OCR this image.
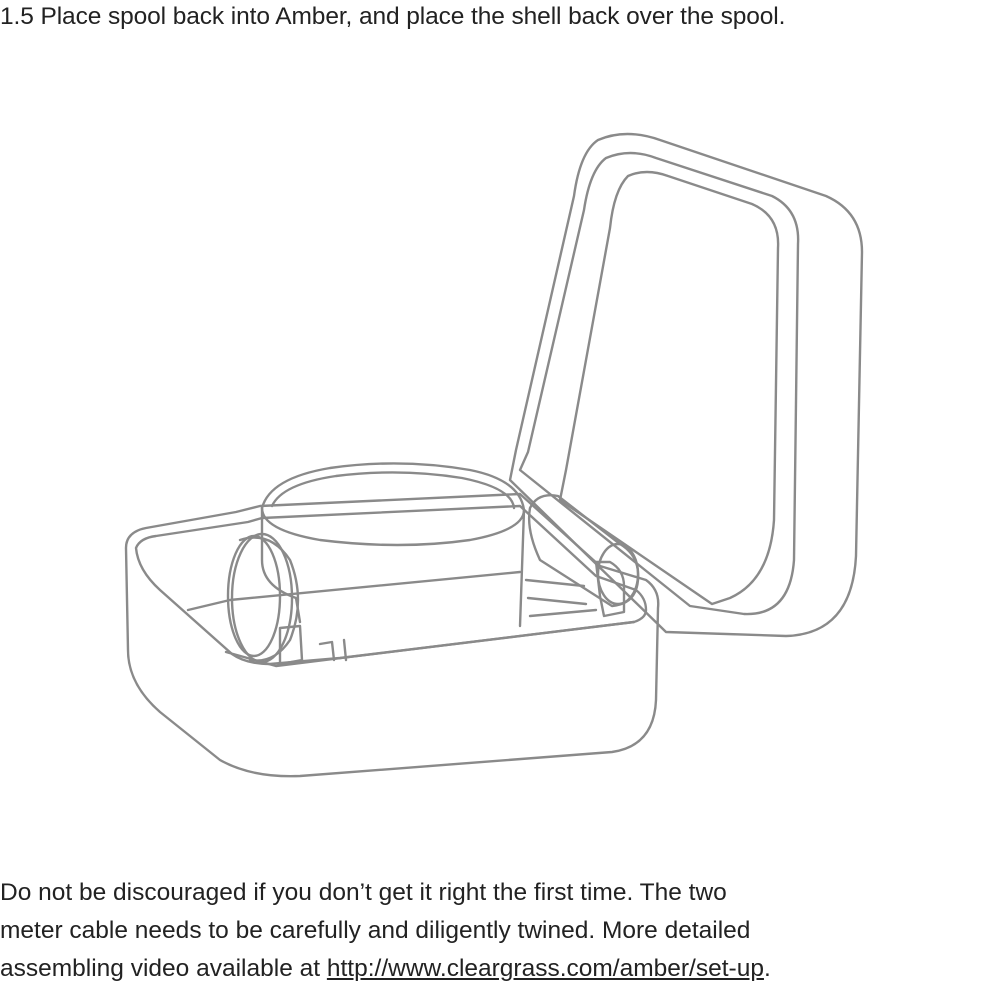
1.5 Place spool back into Amber, and place the shell back over the spool.

Do not be discouraged if you don’t get it right the first time. The two
meter cable needs to be carefully and diligently twined. More detailed
assembling video available at http://www.cleargrass.com/amber/set-up.
